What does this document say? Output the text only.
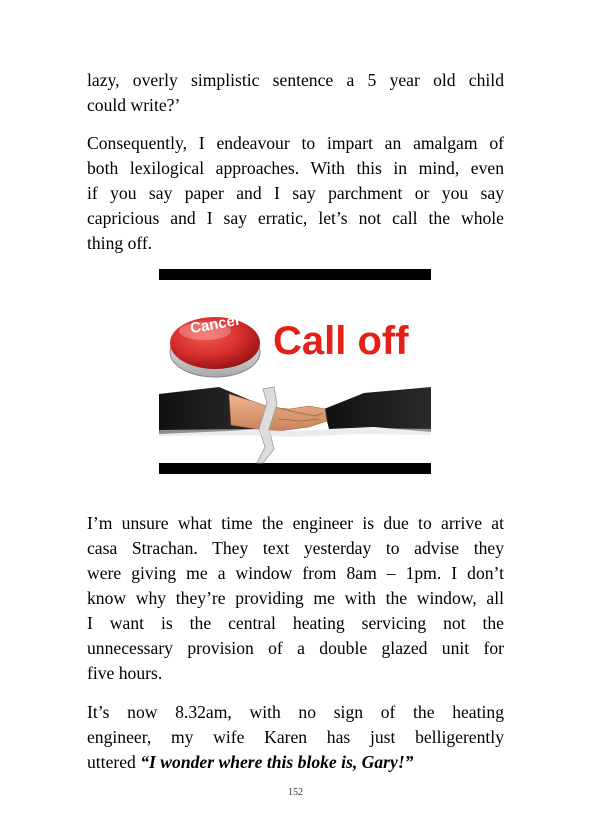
lazy, overly simplistic sentence a 5 year old child
could write?’
Consequently, I endeavour to impart an amalgam of
both lexilogical approaches. With this in mind, even
if you say paper and I say parchment or you say
capricious and I say erratic, let’s not call the whole
thing off.
Cancel Call off
I’m unsure what time the engineer is due to arrive at
casa Strachan. They text yesterday to advise they
were giving me a window from 8am – 1pm. I don’t
know why they’re providing me with the window, all
I want is the central heating servicing not the
unnecessary provision of a double glazed unit for
five hours.
It’s now 8.32am, with no sign of the heating
engineer, my wife Karen has just belligerently
uttered “I wonder where this bloke is, Gary!”
152
